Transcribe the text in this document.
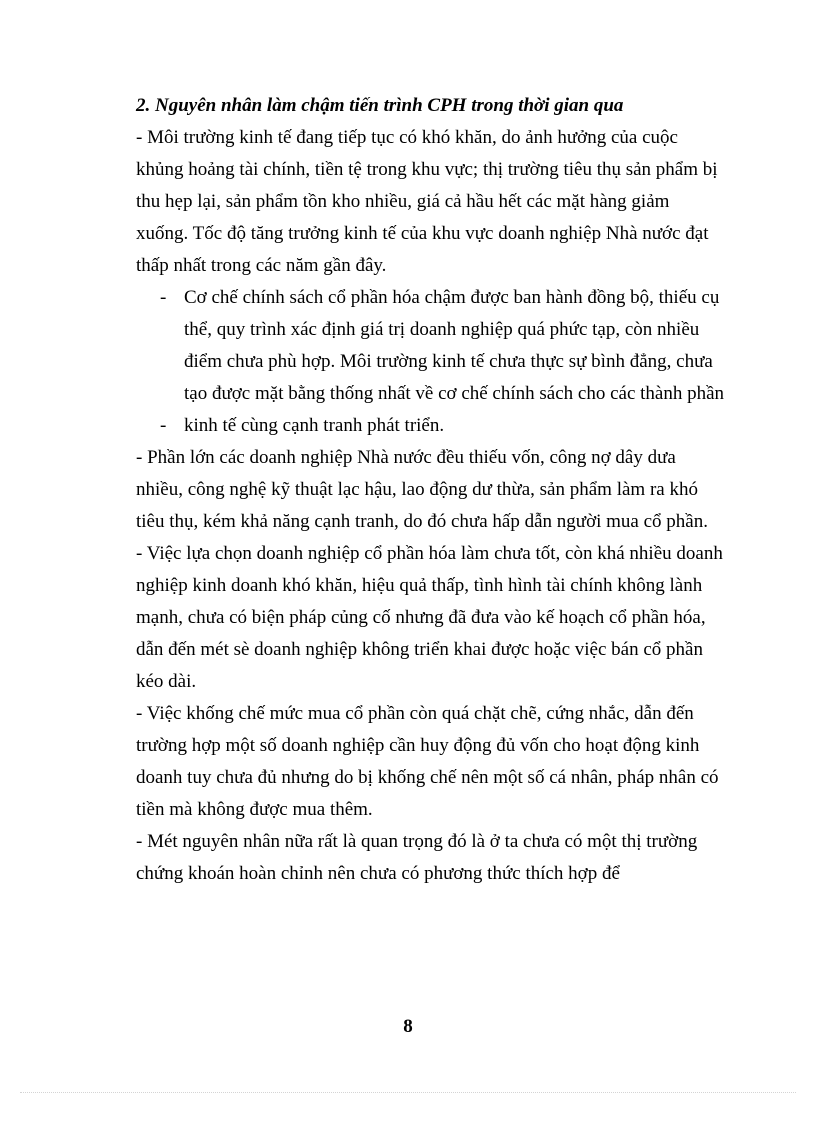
2. Nguyên nhân làm chậm tiến trình CPH trong thời gian qua

- Môi trường kinh tế đang tiếp tục có khó khăn, do ảnh hưởng của cuộc khủng hoảng tài chính, tiền tệ trong khu vực; thị trường tiêu thụ sản phẩm bị thu hẹp lại, sản phẩm tồn kho nhiều, giá cả hầu hết các mặt hàng giảm xuống. Tốc độ tăng trưởng kinh tế của khu vực doanh nghiệp Nhà nước đạt thấp nhất trong các năm gần đây.

- Cơ chế chính sách cổ phần hóa chậm được ban hành đồng bộ, thiếu cụ thể, quy trình xác định giá trị doanh nghiệp quá phức tạp, còn nhiều điểm chưa phù hợp. Môi trường kinh tế chưa thực sự bình đẳng, chưa tạo được mặt bằng thống nhất về cơ chế chính sách cho các thành phần
- kinh tế cùng cạnh tranh phát triển.

- Phần lớn các doanh nghiệp Nhà nước đều thiếu vốn, công nợ dây dưa nhiều, công nghệ kỹ thuật lạc hậu, lao động dư thừa, sản phẩm làm ra khó tiêu thụ, kém khả năng cạnh tranh, do đó chưa hấp dẫn người mua cổ phần.

- Việc lựa chọn doanh nghiệp cổ phần hóa làm chưa tốt, còn khá nhiều doanh nghiệp kinh doanh khó khăn, hiệu quả thấp, tình hình tài chính không lành mạnh, chưa có biện pháp củng cố nhưng đã đưa vào kế hoạch cổ phần hóa, dẫn đến mét sè doanh nghiệp không triển khai được hoặc việc bán cổ phần kéo dài.

- Việc khống chế mức mua cổ phần còn quá chặt chẽ, cứng nhắc, dẫn đến trường hợp một số doanh nghiệp cần huy động đủ vốn cho hoạt động kinh doanh tuy chưa đủ nhưng do bị khống chế nên một số cá nhân, pháp nhân có tiền mà không được mua thêm.

- Mét nguyên nhân nữa rất là quan trọng đó là ở ta chưa có một thị trường chứng khoán hoàn chỉnh nên chưa có phương thức thích hợp để

8
